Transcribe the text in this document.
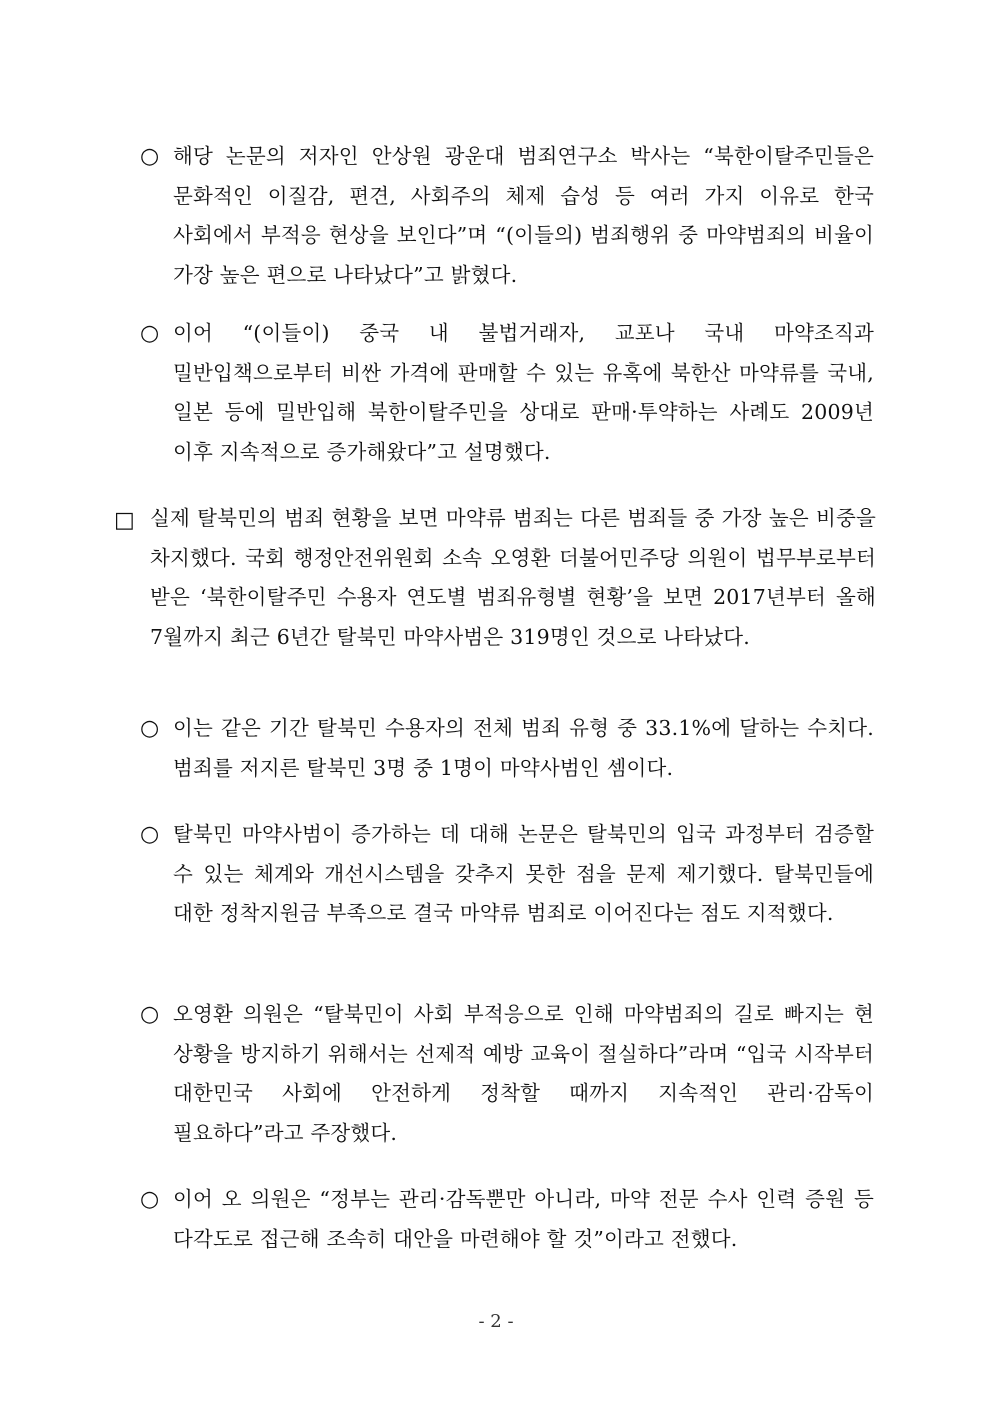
○ 해당 논문의 저자인 안상원 광운대 범죄연구소 박사는 “북한이탈주민들은 문화적인 이질감, 편견, 사회주의 체제 습성 등 여러 가지 이유로 한국 사회에서 부적응 현상을 보인다”며 “(이들의) 범죄행위 중 마약범죄의 비율이 가장 높은 편으로 나타났다”고 밝혔다.
○ 이어 “(이들이) 중국 내 불법거래자, 교포나 국내 마약조직과 밀반입책으로부터 비싼 가격에 판매할 수 있는 유혹에 북한산 마약류를 국내, 일본 등에 밀반입해 북한이탈주민을 상대로 판매·투약하는 사례도 2009년 이후 지속적으로 증가해왔다”고 설명했다.
□ 실제 탈북민의 범죄 현황을 보면 마약류 범죄는 다른 범죄들 중 가장 높은 비중을 차지했다. 국회 행정안전위원회 소속 오영환 더불어민주당 의원이 법무부로부터 받은 ‘북한이탈주민 수용자 연도별 범죄유형별 현황’을 보면 2017년부터 올해 7월까지 최근 6년간 탈북민 마약사범은 319명인 것으로 나타났다.
○ 이는 같은 기간 탈북민 수용자의 전체 범죄 유형 중 33.1%에 달하는 수치다. 범죄를 저지른 탈북민 3명 중 1명이 마약사범인 셈이다.
○ 탈북민 마약사범이 증가하는 데 대해 논문은 탈북민의 입국 과정부터 검증할 수 있는 체계와 개선시스템을 갖추지 못한 점을 문제 제기했다. 탈북민들에 대한 정착지원금 부족으로 결국 마약류 범죄로 이어진다는 점도 지적했다.
○ 오영환 의원은 “탈북민이 사회 부적응으로 인해 마약범죄의 길로 빠지는 현 상황을 방지하기 위해서는 선제적 예방 교육이 절실하다”라며 “입국 시작부터 대한민국 사회에 안전하게 정착할 때까지 지속적인 관리·감독이 필요하다”라고 주장했다.
○ 이어 오 의원은 “정부는 관리·감독뿐만 아니라, 마약 전문 수사 인력 증원 등 다각도로 접근해 조속히 대안을 마련해야 할 것”이라고 전했다.
- 2 -
